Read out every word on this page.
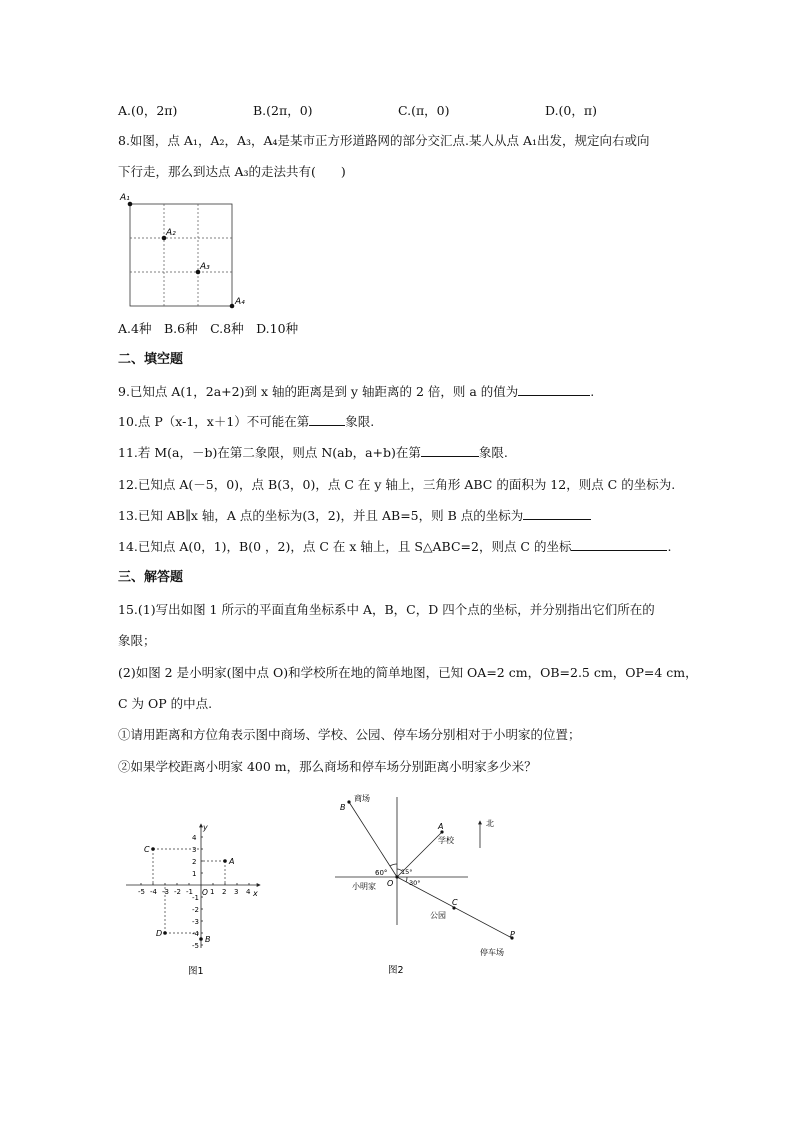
A.(0，2π)	B.(2π，0)	C.(π，0)	D.(0，π)
8.如图，点 A₁，A₂，A₃，A₄是某市正方形道路网的部分交汇点.某人从点 A₁出发，规定向右或向
下行走，那么到达点 A₃的走法共有(　　)
A₁
A₂
A₃
A₄
A.4种　B.6种　C.8种　D.10种
二、填空题
9.已知点 A(1，2a+2)到 x 轴的距离是到 y 轴距离的 2 倍，则 a 的值为	.
10.点 P（x-1，x＋1）不可能在第	象限.
11.若 M(a，－b)在第二象限，则点 N(ab，a+b)在第	象限.
12.已知点 A(－5，0)，点 B(3，0)，点 C 在 y 轴上，三角形 ABC 的面积为 12，则点 C 的坐标为.
13.已知 AB∥x 轴，A 点的坐标为(3，2)，并且 AB=5，则 B 点的坐标为
14.已知点 A(0，1)，B(0 ，2)，点 C 在 x 轴上，且 S△ABC=2，则点 C 的坐标	.
三、解答题
15.(1)写出如图 1 所示的平面直角坐标系中 A，B，C，D 四个点的坐标，并分别指出它们所在的
象限；
(2)如图 2 是小明家(图中点 O)和学校所在地的简单地图，已知 OA=2 cm，OB=2.5 cm，OP=4 cm，
C 为 OP 的中点.
①请用距离和方位角表示图中商场、学校、公园、停车场分别相对于小明家的位置；
②如果学校距离小明家 400 m，那么商场和停车场分别距离小明家多少米？
-5 -4 -3 -2 -1 1 2 3 4
4
3
2
1
-1
-2
-3
-4
-5
A
B
C
D
y
x
O
图1
B
商场
A
学校
北
60° 15°
30°
O
小明家
C
公园
P
停车场
图2
